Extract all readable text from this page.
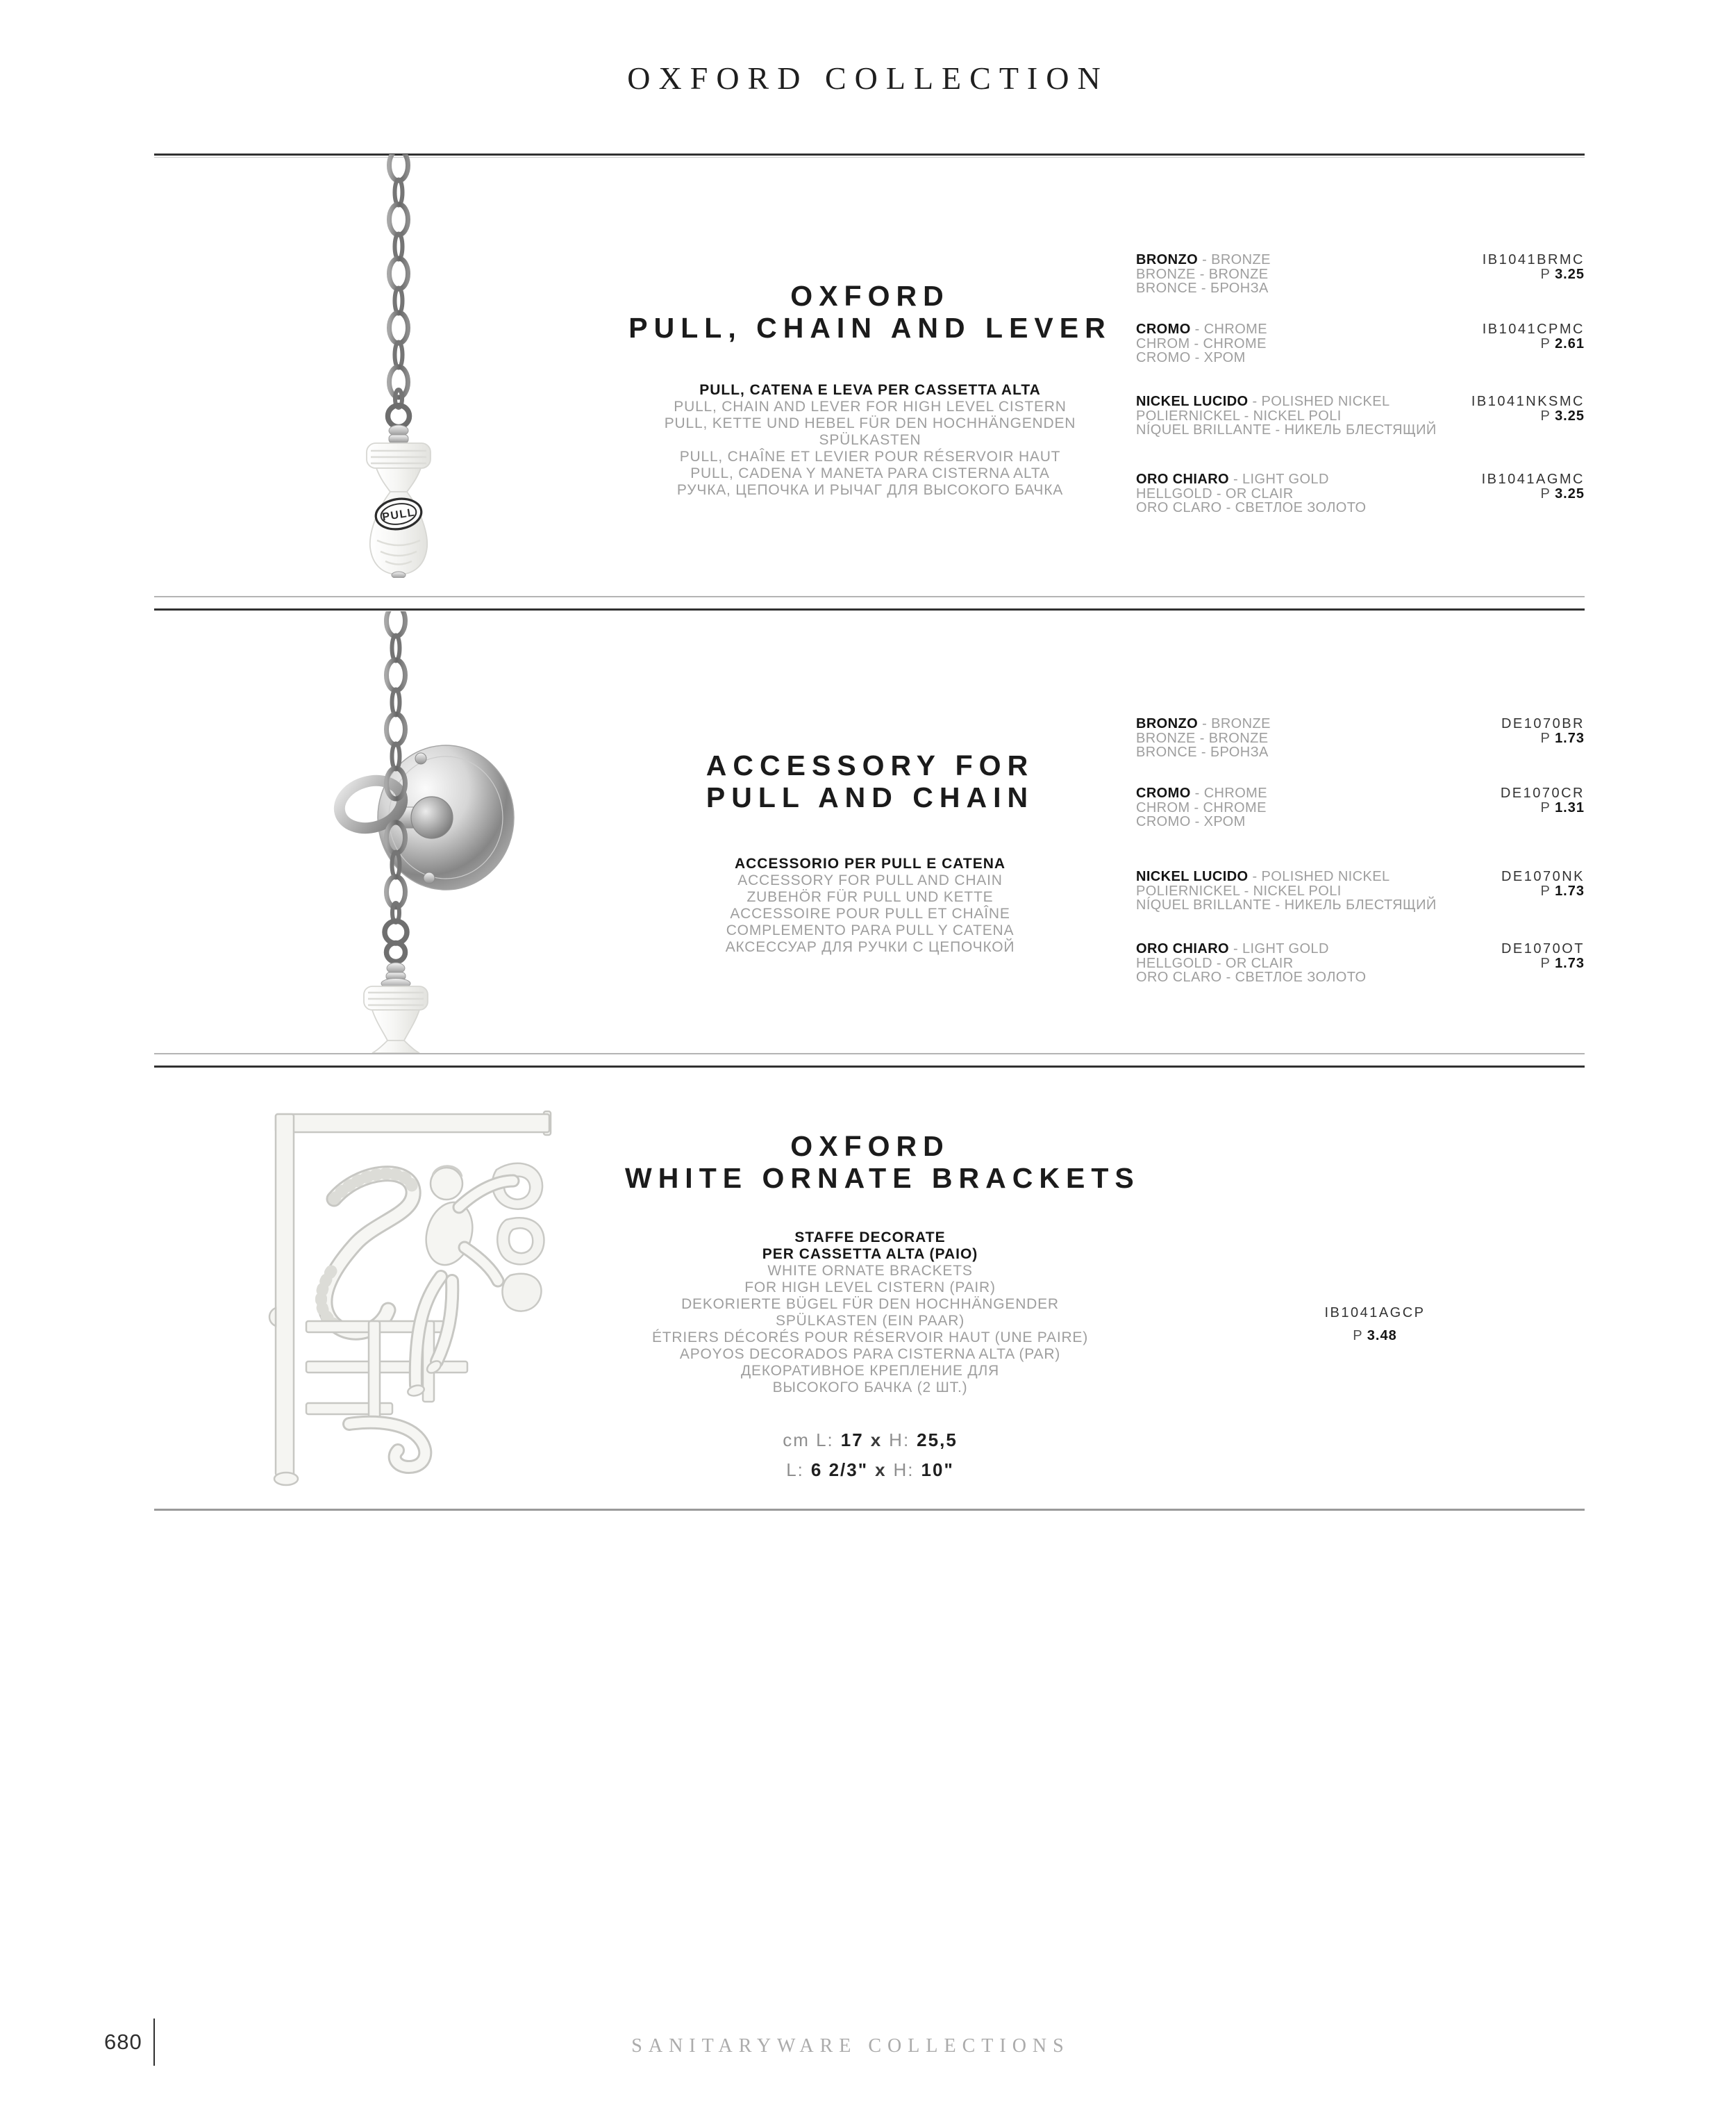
OXFORD COLLECTION
PULL
OXFORD
PULL, CHAIN AND LEVER
PULL, CATENA E LEVA PER CASSETTA ALTA
PULL, CHAIN AND LEVER FOR HIGH LEVEL CISTERN
PULL, KETTE UND HEBEL FÜR DEN HOCHHÄNGENDEN
SPÜLKASTEN
PULL, CHAÎNE ET LEVIER POUR RÉSERVOIR HAUT
PULL, CADENA Y MANETA PARA CISTERNA ALTA
РУЧКА, ЦЕПОЧКА И РЫЧАГ ДЛЯ ВЫСОКОГО БАЧКА
BRONZO - BRONZE
BRONZE - BRONZE
BRONCE - БРОНЗА
IB1041BRMC
P 3.25
CROMO - CHROME
CHROM - CHROME
CROMO - ХРОМ
IB1041CPMC
P 2.61
NICKEL LUCIDO - POLISHED NICKEL
POLIERNICKEL - NICKEL POLI
NÍQUEL BRILLANTE - НИКЕЛЬ БЛЕСТЯЩИЙ
IB1041NKSMC
P 3.25
ORO CHIARO - LIGHT GOLD
HELLGOLD - OR CLAIR
ORO CLARO - СВЕТЛОЕ ЗОЛОТО
IB1041AGMC
P 3.25
ACCESSORY FOR
PULL AND CHAIN
ACCESSORIO PER PULL E CATENA
ACCESSORY FOR PULL AND CHAIN
ZUBEHÖR FÜR PULL UND KETTE
ACCESSOIRE POUR PULL ET CHAÎNE
COMPLEMENTO PARA PULL Y CATENA
АКСЕССУАР ДЛЯ РУЧКИ С ЦЕПОЧКОЙ
BRONZO - BRONZE
BRONZE - BRONZE
BRONCE - БРОНЗА
DE1070BR
P 1.73
CROMO - CHROME
CHROM - CHROME
CROMO - ХРОМ
DE1070CR
P 1.31
NICKEL LUCIDO - POLISHED NICKEL
POLIERNICKEL - NICKEL POLI
NÍQUEL BRILLANTE - НИКЕЛЬ БЛЕСТЯЩИЙ
DE1070NK
P 1.73
ORO CHIARO - LIGHT GOLD
HELLGOLD - OR CLAIR
ORO CLARO - СВЕТЛОЕ ЗОЛОТО
DE1070OT
P 1.73
OXFORD
WHITE ORNATE BRACKETS
STAFFE DECORATE
PER CASSETTA ALTA (PAIO)
WHITE ORNATE BRACKETS
FOR HIGH LEVEL CISTERN (PAIR)
DEKORIERTE BÜGEL FÜR DEN HOCHHÄNGENDER
SPÜLKASTEN (EIN PAAR)
ÉTRIERS DÉCORÉS POUR RÉSERVOIR HAUT (UNE PAIRE)
APOYOS DECORADOS PARA CISTERNA ALTA (PAR)
ДЕКОРАТИВНОЕ КРЕПЛЕНИЕ ДЛЯ
ВЫСОКОГО БАЧКА (2 ШТ.)
IB1041AGCP
P 3.48
cm L: 17 x H: 25,5
L: 6 2/3" x H: 10"
680	SANITARYWARE COLLECTIONS
